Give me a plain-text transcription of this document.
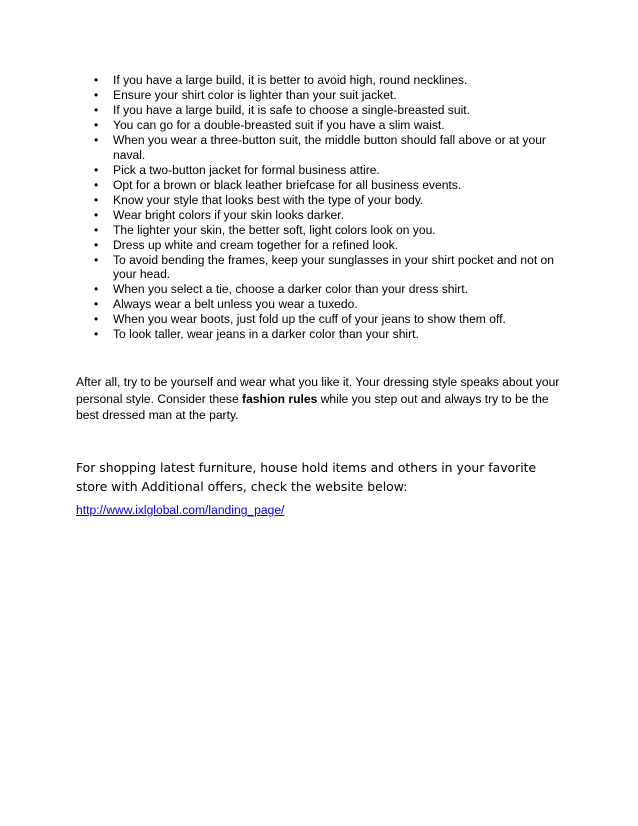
• If you have a large build, it is better to avoid high, round necklines.
• Ensure your shirt color is lighter than your suit jacket.
• If you have a large build, it is safe to choose a single-breasted suit.
• You can go for a double-breasted suit if you have a slim waist.
• When you wear a three-button suit, the middle button should fall above or at your naval.
• Pick a two-button jacket for formal business attire.
• Opt for a brown or black leather briefcase for all business events.
• Know your style that looks best with the type of your body.
• Wear bright colors if your skin looks darker.
• The lighter your skin, the better soft, light colors look on you.
• Dress up white and cream together for a refined look.
• To avoid bending the frames, keep your sunglasses in your shirt pocket and not on your head.
• When you select a tie, choose a darker color than your dress shirt.
• Always wear a belt unless you wear a tuxedo.
• When you wear boots, just fold up the cuff of your jeans to show them off.
• To look taller, wear jeans in a darker color than your shirt.

After all, try to be yourself and wear what you like it. Your dressing style speaks about your personal style. Consider these fashion rules while you step out and always try to be the best dressed man at the party.

For shopping latest furniture, house hold items and others in your favorite store with Additional offers, check the website below:

http://www.ixlglobal.com/landing_page/
